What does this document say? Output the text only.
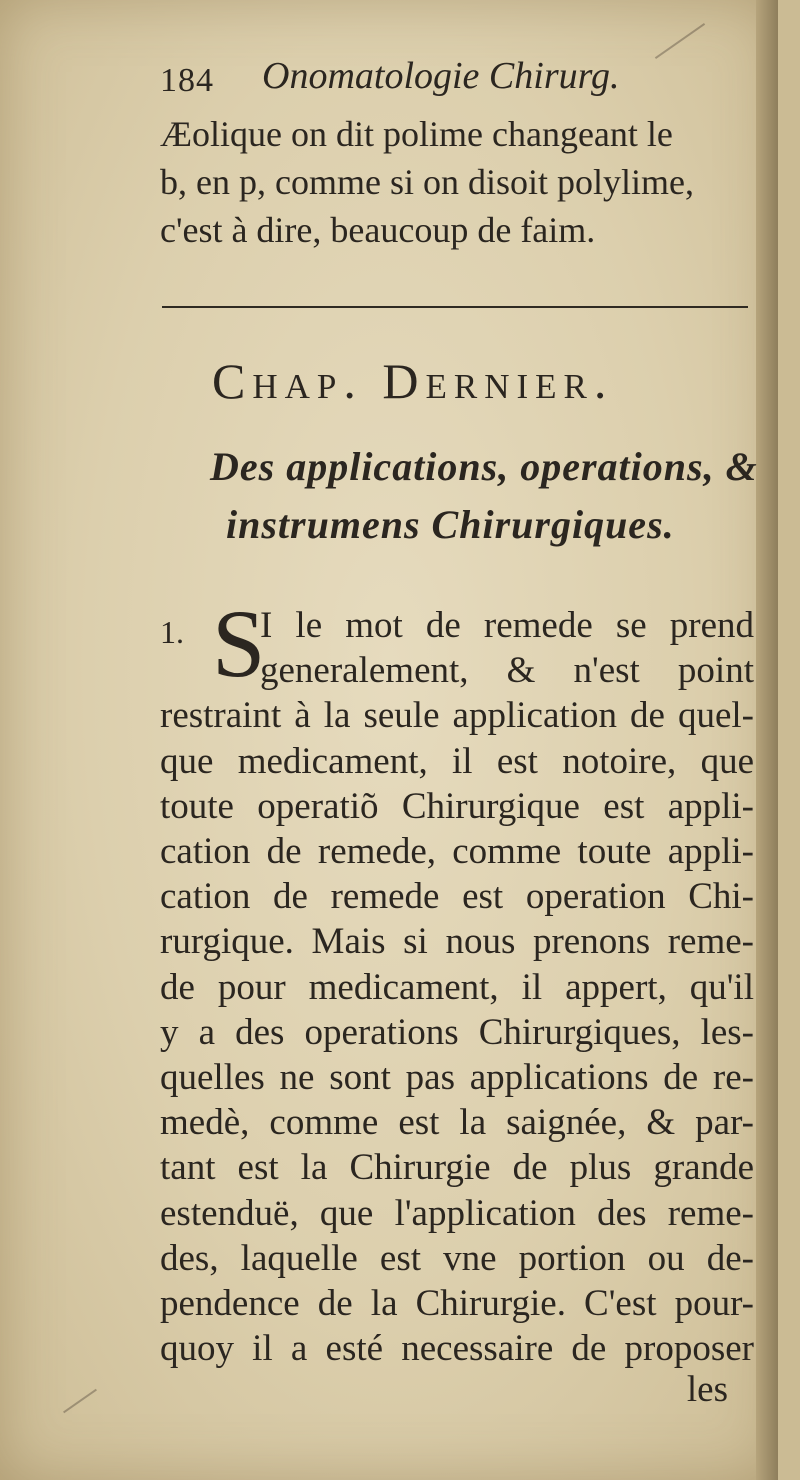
184 Onomatologie Chirurg.
Æolique on dit polime changeant le
b, en p, comme si on disoit polylime,
c'est à dire, beaucoup de faim.
Chap. Dernier.
Des applications, operations, &
instrumens Chirurgiques.
1. S
I le mot de remede se prend
generalement, & n'est point
restraint à la seule application de quel-
que medicament, il est notoire, que
toute operatiõ Chirurgique est appli-
cation de remede, comme toute appli-
cation de remede est operation Chi-
rurgique. Mais si nous prenons reme-
de pour medicament, il appert, qu'il
y a des operations Chirurgiques, les-
quelles ne sont pas applications de re-
medè, comme est la saignée, & par-
tant est la Chirurgie de plus grande
estenduë, que l'application des reme-
des, laquelle est vne portion ou de-
pendence de la Chirurgie. C'est pour-
quoy il a esté necessaire de proposer
les
